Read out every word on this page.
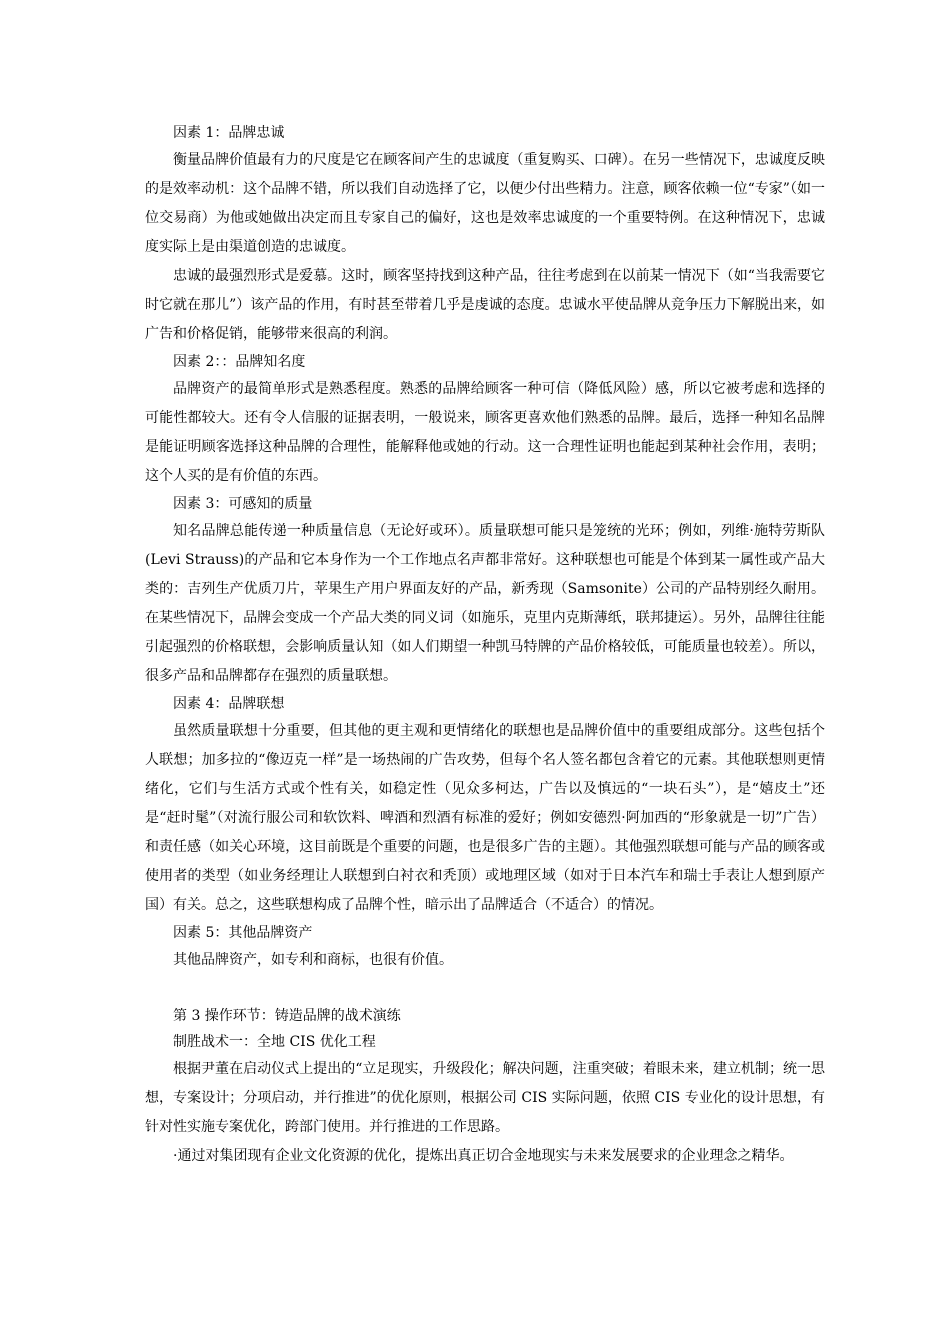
因素 1：品牌忠诚

衡量品牌价值最有力的尺度是它在顾客间产生的忠诚度（重复购买、口碑）。在另一些情况下，忠诚度反映的是效率动机：这个品牌不错，所以我们自动选择了它，以便少付出些精力。注意，顾客依赖一位“专家”（如一位交易商）为他或她做出决定而且专家自己的偏好，这也是效率忠诚度的一个重要特例。在这种情况下，忠诚度实际上是由渠道创造的忠诚度。

忠诚的最强烈形式是爱慕。这时，顾客坚持找到这种产品，往往考虑到在以前某一情况下（如“当我需要它时它就在那儿”）该产品的作用，有时甚至带着几乎是虔诚的态度。忠诚水平使品牌从竞争压力下解脱出来，如广告和价格促销，能够带来很高的利润。

因素 2：：品牌知名度

品牌资产的最简单形式是熟悉程度。熟悉的品牌给顾客一种可信（降低风险）感，所以它被考虑和选择的可能性都较大。还有令人信服的证据表明，一般说来，顾客更喜欢他们熟悉的品牌。最后，选择一种知名品牌是能证明顾客选择这种品牌的合理性，能解释他或她的行动。这一合理性证明也能起到某种社会作用，表明；这个人买的是有价值的东西。

因素 3：可感知的质量

知名品牌总能传递一种质量信息（无论好或环）。质量联想可能只是笼统的光环；例如，列维·施特劳斯队(Levi Strauss)的产品和它本身作为一个工作地点名声都非常好。这种联想也可能是个体到某一属性或产品大类的：吉列生产优质刀片，苹果生产用户界面友好的产品，新秀现（Samsonite）公司的产品特别经久耐用。在某些情况下，品牌会变成一个产品大类的同义词（如施乐，克里内克斯薄纸，联邦捷运）。另外，品牌往往能引起强烈的价格联想，会影响质量认知（如人们期望一种凯马特牌的产品价格较低，可能质量也较差）。所以，很多产品和品牌都存在强烈的质量联想。

因素 4：品牌联想

虽然质量联想十分重要，但其他的更主观和更情绪化的联想也是品牌价值中的重要组成部分。这些包括个人联想；加多拉的“像迈克一样”是一场热闹的广告攻势，但每个名人签名都包含着它的元素。其他联想则更情绪化，它们与生活方式或个性有关，如稳定性（见众多柯达，广告以及慎远的“一块石头”），是“嬉皮土”还是“赶时髦”（对流行服公司和软饮料、啤酒和烈酒有标准的爱好；例如安德烈·阿加西的“形象就是一切”广告）和责任感（如关心环境，这目前既是个重要的问题，也是很多广告的主题）。其他强烈联想可能与产品的顾客或使用者的类型（如业务经理让人联想到白衬衣和秃顶）或地理区域（如对于日本汽车和瑞士手表让人想到原产国）有关。总之，这些联想构成了品牌个性，暗示出了品牌适合（不适合）的情况。

因素 5：其他品牌资产

其他品牌资产，如专利和商标，也很有价值。

第 3 操作环节：铸造品牌的战术演练
制胜战术一：全地 CIS 优化工程

根据尹董在启动仪式上提出的“立足现实，升级段化；解决问题，注重突破；着眼未来，建立机制；统一思想，专案设计；分项启动，并行推进”的优化原则，根据公司 CIS 实际问题，依照 CIS 专业化的设计思想，有针对性实施专案优化，跨部门使用。并行推进的工作思路。

·通过对集团现有企业文化资源的优化，提炼出真正切合金地现实与未来发展要求的企业理念之精华。
